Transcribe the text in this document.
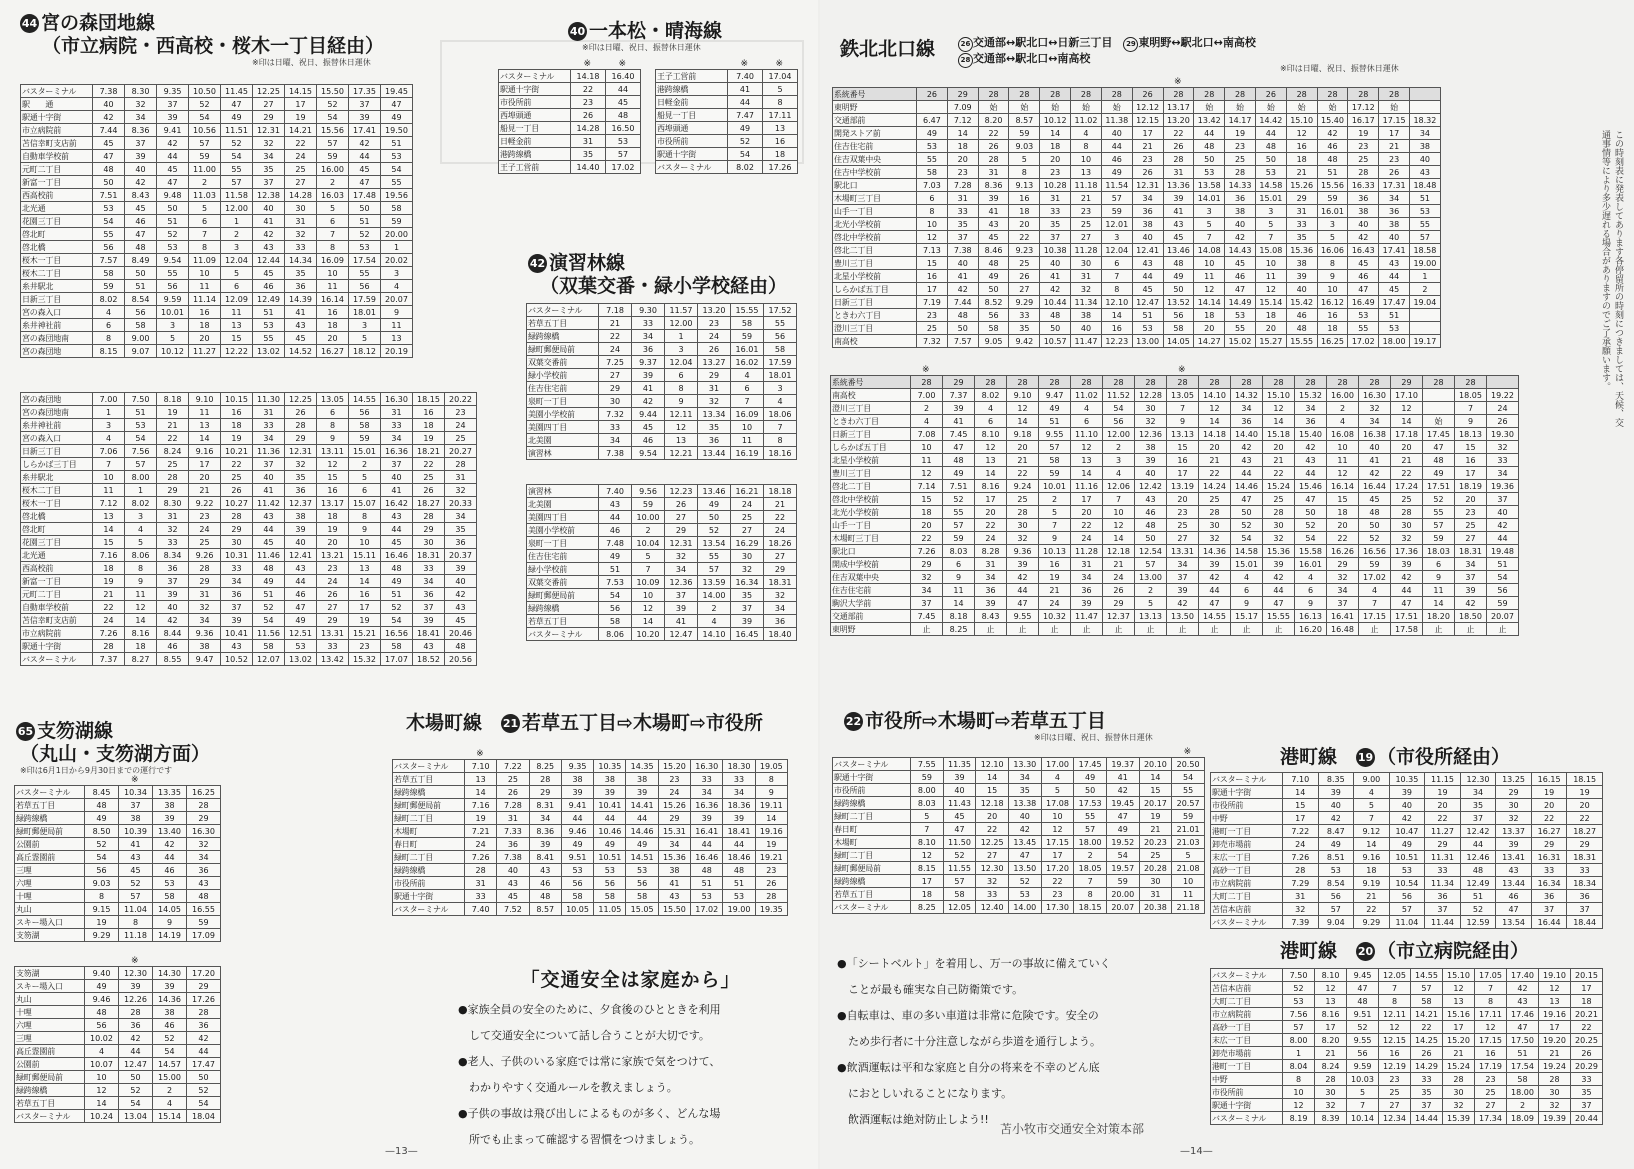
44 宮の森団地線
（市立病院・西高校・桜木一丁目経由）
※印は日曜、祝日、振替休日運休
バスターミナル	7.38	8.30	9.35	10.50	11.45	12.25	14.15	15.50	17.35	19.45
駅　　通	40	32	37	52	47	27	17	52	37	47
駅通十字街	42	34	39	54	49	29	19	54	39	49
市立病院前	7.44	8.36	9.41	10.56	11.51	12.31	14.21	15.56	17.41	19.50
苫信幸町支店前	45	37	42	57	52	32	22	57	42	51
自動車学校前	47	39	44	59	54	34	24	59	44	53
元町二丁目	48	40	45	11.00	55	35	25	16.00	45	54
新富一丁目	50	42	47	2	57	37	27	2	47	55
西高校前	7.51	8.43	9.48	11.03	11.58	12.38	14.28	16.03	17.48	19.56
北光通	53	45	50	5	12.00	40	30	5	50	58
花園三丁目	54	46	51	6	1	41	31	6	51	59
啓北町	55	47	52	7	2	42	32	7	52	20.00
啓北橋	56	48	53	8	3	43	33	8	53	1
桜木一丁目	7.57	8.49	9.54	11.09	12.04	12.44	14.34	16.09	17.54	20.02
桜木二丁目	58	50	55	10	5	45	35	10	55	3
糸井駅北	59	51	56	11	6	46	36	11	56	4
日新三丁目	8.02	8.54	9.59	11.14	12.09	12.49	14.39	16.14	17.59	20.07
宮の森入口	4	56	10.01	16	11	51	41	16	18.01	9
糸井神社前	6	58	3	18	13	53	43	18	3	11
宮の森団地南	8	9.00	5	20	15	55	45	20	5	13
宮の森団地	8.15	9.07	10.12	11.27	12.22	13.02	14.52	16.27	18.12	20.19
宮の森団地	7.00	7.50	8.18	9.10	10.15	11.30	12.25	13.05	14.55	16.30	18.15	20.22
宮の森団地南	1	51	19	11	16	31	26	6	56	31	16	23
糸井神社前	3	53	21	13	18	33	28	8	58	33	18	24
宮の森入口	4	54	22	14	19	34	29	9	59	34	19	25
日新三丁目	7.06	7.56	8.24	9.16	10.21	11.36	12.31	13.11	15.01	16.36	18.21	20.27
しらかば三丁目	7	57	25	17	22	37	32	12	2	37	22	28
糸井駅北	10	8.00	28	20	25	40	35	15	5	40	25	31
桜木二丁目	11	1	29	21	26	41	36	16	6	41	26	32
桜木一丁目	7.12	8.02	8.30	9.22	10.27	11.42	12.37	13.17	15.07	16.42	18.27	20.33
啓北橋	13	3	31	23	28	43	38	18	8	43	28	34
啓北町	14	4	32	24	29	44	39	19	9	44	29	35
花園三丁目	15	5	33	25	30	45	40	20	10	45	30	36
北光通	7.16	8.06	8.34	9.26	10.31	11.46	12.41	13.21	15.11	16.46	18.31	20.37
西高校前	18	8	36	28	33	48	43	23	13	48	33	39
新富一丁目	19	9	37	29	34	49	44	24	14	49	34	40
元町二丁目	21	11	39	31	36	51	46	26	16	51	36	42
自動車学校前	22	12	40	32	37	52	47	27	17	52	37	43
苫信幸町支店前	24	14	42	34	39	54	49	29	19	54	39	45
市立病院前	7.26	8.16	8.44	9.36	10.41	11.56	12.51	13.31	15.21	16.56	18.41	20.46
駅通十字街	28	18	46	38	43	58	53	33	23	58	43	48
バスターミナル	7.37	8.27	8.55	9.47	10.52	12.07	13.02	13.42	15.32	17.07	18.52	20.56
40 一本松・晴海線
※印は日曜、祝日、振替休日運休
※	※
バスターミナル	14.18	16.40
駅通十字街	22	44
市役所前	23	45
西埠頭通	26	48
船見一丁目	14.28	16.50
日軽金前	31	53
港跨線橋	35	57
王子工営前	14.40	17.02
※	※
王子工営前	7.40	17.04
港跨線橋	41	5
日軽金前	44	8
船見一丁目	7.47	17.11
西埠頭通	49	13
市役所前	52	16
駅通十字街	54	18
バスターミナル	8.02	17.26
42 演習林線
（双葉交番・緑小学校経由）
バスターミナル	7.18	9.30	11.57	13.20	15.55	17.52
若草五丁目	21	33	12.00	23	58	55
緑跨線橋	22	34	1	24	59	56
緑町郵便局前	24	36	3	26	16.01	58
双葉交番前	7.25	9.37	12.04	13.27	16.02	17.59
緑小学校前	27	39	6	29	4	18.01
住吉住宅前	29	41	8	31	6	3
泉町一丁目	30	42	9	32	7	4
美園小学校前	7.32	9.44	12.11	13.34	16.09	18.06
美園四丁目	33	45	12	35	10	7
北美園	34	46	13	36	11	8
演習林	7.38	9.54	12.21	13.44	16.19	18.16
演習林	7.40	9.56	12.23	13.46	16.21	18.18
北美園	43	59	26	49	24	21
美園四丁目	44	10.00	27	50	25	22
美園小学校前	46	2	29	52	27	24
泉町一丁目	7.48	10.04	12.31	13.54	16.29	18.26
住吉住宅前	49	5	32	55	30	27
緑小学校前	51	7	34	57	32	29
双葉交番前	7.53	10.09	12.36	13.59	16.34	18.31
緑町郵便局前	54	10	37	14.00	35	32
緑跨線橋	56	12	39	2	37	34
若草五丁目	58	14	41	4	39	36
バスターミナル	8.06	10.20	12.47	14.10	16.45	18.40
65 支笏湖線
（丸山・支笏湖方面）
※印は6月1日から9月30日までの運行です
※
バスターミナル	8.45	10.34	13.35	16.25
若草五丁目	48	37	38	28
緑跨線橋	49	38	39	29
緑町郵便局前	8.50	10.39	13.40	16.30
公園前	52	41	42	32
高丘霊園前	54	43	44	34
三哩	56	45	46	36
六哩	9.03	52	53	43
十哩	8	57	58	48
丸山	9.15	11.04	14.05	16.55
スキー場入口	19	8	9	59
支笏湖	9.29	11.18	14.19	17.09
※
支笏湖	9.40	12.30	14.30	17.20
スキー場入口	49	39	39	29
丸山	9.46	12.26	14.36	17.26
十哩	48	28	38	28
六哩	56	36	46	36
三哩	10.02	42	52	42
高丘霊園前	4	44	54	44
公園前	10.07	12.47	14.57	17.47
緑町郵便局前	10	50	15.00	50
緑跨線橋	12	52	2	52
若草五丁目	14	54	4	54
バスターミナル	10.24	13.04	15.14	18.04
木場町線　 21 若草五丁目⇨木場町⇨市役所
※
バスターミナル	7.10	7.22	8.25	9.35	10.35	14.35	15.20	16.30	18.30	19.05
若草五丁目	13	25	28	38	38	38	23	33	33	8
緑跨線橋	14	26	29	39	39	39	24	34	34	9
緑町郵便局前	7.16	7.28	8.31	9.41	10.41	14.41	15.26	16.36	18.36	19.11
緑町二丁目	19	31	34	44	44	44	29	39	39	14
木場町	7.21	7.33	8.36	9.46	10.46	14.46	15.31	16.41	18.41	19.16
春日町	24	36	39	49	49	49	34	44	44	19
緑町二丁目	7.26	7.38	8.41	9.51	10.51	14.51	15.36	16.46	18.46	19.21
緑跨線橋	28	40	43	53	53	53	38	48	48	23
市役所前	31	43	46	56	56	56	41	51	51	26
駅通十字街	33	45	48	58	58	58	43	53	53	28
バスターミナル	7.40	7.52	8.57	10.05	11.05	15.05	15.50	17.02	19.00	19.35
「交通安全は家庭から」

●家族全員の安全のために、夕食後のひとときを利用

　して交通安全について話し合うことが大切です。

●老人、子供のいる家庭では常に家族で気をつけて、

　わかりやすく交通ルールを教えましょう。

●子供の事故は飛び出しによるものが多く、どんな場

　所でも止まって確認する習慣をつけましょう。

—13—
鉄北北口線	26 交通部↔駅北口↔日新三丁目　 29 東明野↔駅北口↔南高校
28 交通部↔駅北口↔南高校
※印は日曜、祝日、振替休日運休
※
系統番号	26	29	28	28	28	28	28	26	28	28	28	26	28	28	28	28	
東明野		7.09	始	始	始	始	始	12.12	13.17	始	始	始	始	始	17.12	始	
交通部前	6.47	7.12	8.20	8.57	10.12	11.02	11.38	12.15	13.20	13.42	14.17	14.42	15.10	15.40	16.17	17.15	18.32
開発ストア前	49	14	22	59	14	4	40	17	22	44	19	44	12	42	19	17	34
住吉住宅前	53	18	26	9.03	18	8	44	21	26	48	23	48	16	46	23	21	38
住吉双葉中央	55	20	28	5	20	10	46	23	28	50	25	50	18	48	25	23	40
住吉中学校前	58	23	31	8	23	13	49	26	31	53	28	53	21	51	28	26	43
駅北口	7.03	7.28	8.36	9.13	10.28	11.18	11.54	12.31	13.36	13.58	14.33	14.58	15.26	15.56	16.33	17.31	18.48
木場町三丁目	6	31	39	16	31	21	57	34	39	14.01	36	15.01	29	59	36	34	51
山手一丁目	8	33	41	18	33	23	59	36	41	3	38	3	31	16.01	38	36	53
北光小学校前	10	35	43	20	35	25	12.01	38	43	5	40	5	33	3	40	38	55
啓北中学校前	12	37	45	22	37	27	3	40	45	7	42	7	35	5	42	40	57
啓北二丁目	7.13	7.38	8.46	9.23	10.38	11.28	12.04	12.41	13.46	14.08	14.43	15.08	15.36	16.06	16.43	17.41	18.58
豊川三丁目	15	40	48	25	40	30	6	43	48	10	45	10	38	8	45	43	19.00
北星小学校前	16	41	49	26	41	31	7	44	49	11	46	11	39	9	46	44	1
しらかば五丁目	17	42	50	27	42	32	8	45	50	12	47	12	40	10	47	45	2
日新三丁目	7.19	7.44	8.52	9.29	10.44	11.34	12.10	12.47	13.52	14.14	14.49	15.14	15.42	16.12	16.49	17.47	19.04
ときわ六丁目	23	48	56	33	48	38	14	51	56	18	53	18	46	16	53	51	
澄川三丁目	25	50	58	35	50	40	16	53	58	20	55	20	48	18	55	53	
南高校	7.32	7.57	9.05	9.42	10.57	11.47	12.23	13.00	14.05	14.27	15.02	15.27	15.55	16.25	17.02	18.00	19.17
※	※
系統番号	28	29	28	28	28	28	28	28	28	28	28	28	28	28	28	29	28	28	
南高校	7.00	7.37	8.02	9.10	9.47	11.02	11.52	12.28	13.05	14.10	14.32	15.10	15.32	16.00	16.30	17.10		18.05	19.22
澄川三丁目	2	39	4	12	49	4	54	30	7	12	34	12	34	2	32	12		7	24
ときわ六丁目	4	41	6	14	51	6	56	32	9	14	36	14	36	4	34	14	始	9	26
日新三丁目	7.08	7.45	8.10	9.18	9.55	11.10	12.00	12.36	13.13	14.18	14.40	15.18	15.40	16.08	16.38	17.18	17.45	18.13	19.30
しらかば五丁目	10	47	12	20	57	12	2	38	15	20	42	20	42	10	40	20	47	15	32
北星小学校前	11	48	13	21	58	13	3	39	16	21	43	21	43	11	41	21	48	16	33
豊川三丁目	12	49	14	22	59	14	4	40	17	22	44	22	44	12	42	22	49	17	34
啓北二丁目	7.14	7.51	8.16	9.24	10.01	11.16	12.06	12.42	13.19	14.24	14.46	15.24	15.46	16.14	16.44	17.24	17.51	18.19	19.36
啓北中学校前	15	52	17	25	2	17	7	43	20	25	47	25	47	15	45	25	52	20	37
北光小学校前	18	55	20	28	5	20	10	46	23	28	50	28	50	18	48	28	55	23	40
山手一丁目	20	57	22	30	7	22	12	48	25	30	52	30	52	20	50	30	57	25	42
木場町三丁目	22	59	24	32	9	24	14	50	27	32	54	32	54	22	52	32	59	27	44
駅北口	7.26	8.03	8.28	9.36	10.13	11.28	12.18	12.54	13.31	14.36	14.58	15.36	15.58	16.26	16.56	17.36	18.03	18.31	19.48
開成中学校前	29	6	31	39	16	31	21	57	34	39	15.01	39	16.01	29	59	39	6	34	51
住吉双葉中央	32	9	34	42	19	34	24	13.00	37	42	4	42	4	32	17.02	42	9	37	54
住吉住宅前	34	11	36	44	21	36	26	2	39	44	6	44	6	34	4	44	11	39	56
駒沢大学前	37	14	39	47	24	39	29	5	42	47	9	47	9	37	7	47	14	42	59
交通部前	7.45	8.18	8.43	9.55	10.32	11.47	12.37	13.13	13.50	14.55	15.17	15.55	16.13	16.41	17.15	17.51	18.20	18.50	20.07
東明野	止	8.25	止	止	止	止	止	止	止	止	止	止	16.20	16.48	止	17.58	止	止	止
この時刻表に発表してあります各停留所の時刻につきましては、天候、交通事情等により多少遅れる場合がありますのでご了承願います。
22 市役所⇨木場町⇨若草五丁目
※印は日曜、祝日、振替休日運休
※
バスターミナル	7.55	11.35	12.10	13.30	17.00	17.45	19.37	20.10	20.50
駅通十字街	59	39	14	34	4	49	41	14	54
市役所前	8.00	40	15	35	5	50	42	15	55
緑跨線橋	8.03	11.43	12.18	13.38	17.08	17.53	19.45	20.17	20.57
緑町二丁目	5	45	20	40	10	55	47	19	59
春日町	7	47	22	42	12	57	49	21	21.01
木場町	8.10	11.50	12.25	13.45	17.15	18.00	19.52	20.23	21.03
緑町二丁目	12	52	27	47	17	2	54	25	5
緑町郵便局前	8.15	11.55	12.30	13.50	17.20	18.05	19.57	20.28	21.08
緑跨線橋	17	57	32	52	22	7	59	30	10
若草五丁目	18	58	33	53	23	8	20.00	31	11
バスターミナル	8.25	12.05	12.40	14.00	17.30	18.15	20.07	20.38	21.18
港町線　 19 （市役所経由）
バスターミナル	7.10	8.35	9.00	10.35	11.15	12.30	13.25	16.15	18.15
駅通十字街	14	39	4	39	19	34	29	19	19
市役所前	15	40	5	40	20	35	30	20	20
中野	17	42	7	42	22	37	32	22	22
港町一丁目	7.22	8.47	9.12	10.47	11.27	12.42	13.37	16.27	18.27
卸売市場前	24	49	14	49	29	44	39	29	29
末広一丁目	7.26	8.51	9.16	10.51	11.31	12.46	13.41	16.31	18.31
高砂一丁目	28	53	18	53	33	48	43	33	33
市立病院前	7.29	8.54	9.19	10.54	11.34	12.49	13.44	16.34	18.34
大町二丁目	31	56	21	56	36	51	46	36	36
苫信本店前	32	57	22	57	37	52	47	37	37
バスターミナル	7.39	9.04	9.29	11.04	11.44	12.59	13.54	16.44	18.44
港町線　 20 （市立病院経由）
バスターミナル	7.50	8.10	9.45	12.05	14.55	15.10	17.05	17.40	19.10	20.15
苫信本店前	52	12	47	7	57	12	7	42	12	17
大町二丁目	53	13	48	8	58	13	8	43	13	18
市立病院前	7.56	8.16	9.51	12.11	14.21	15.16	17.11	17.46	19.16	20.21
高砂一丁目	57	17	52	12	22	17	12	47	17	22
末広一丁目	8.00	8.20	9.55	12.15	14.25	15.20	17.15	17.50	19.20	20.25
卸売市場前	1	21	56	16	26	21	16	51	21	26
港町一丁目	8.04	8.24	9.59	12.19	14.29	15.24	17.19	17.54	19.24	20.29
中野	8	28	10.03	23	33	28	23	58	28	33
市役所前	10	30	5	25	35	30	25	18.00	30	35
駅通十字街	12	32	7	27	37	32	27	2	32	37
バスターミナル	8.19	8.39	10.14	12.34	14.44	15.39	17.34	18.09	19.39	20.44

●「シートベルト」を着用し、万一の事故に備えていく

　ことが最も確実な自己防衛策です。

●自転車は、車の多い車道は非常に危険です。安全の

　ため歩行者に十分注意しながら歩道を通行しよう。

●飲酒運転は平和な家庭と自分の将来を不幸のどん底

　におとしいれることになります。

　飲酒運転は絶対防止しよう!!

苫小牧市交通安全対策本部
—14—
